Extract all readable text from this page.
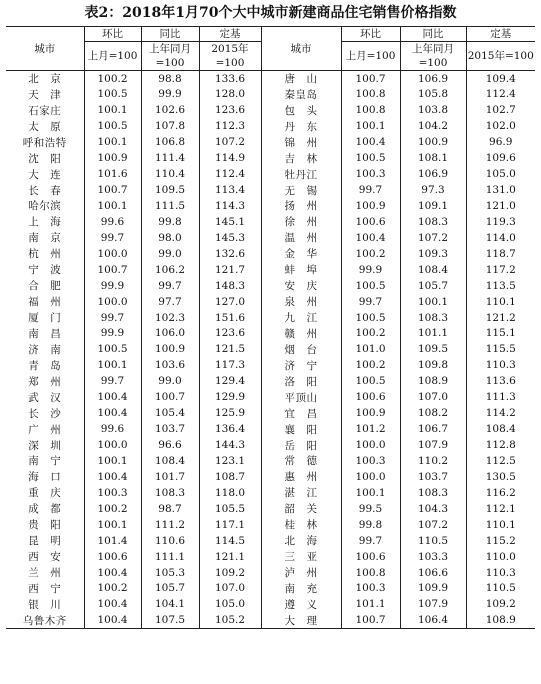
表2：2018年1月70个大中城市新建商品住宅销售价格指数
城市	环比	同比	定基	城市	环比	同比	定基
	上月=100	上年同月=100	2015年=100		上月=100	上年同月=100	2015年=100
北　京	100.2	98.8	133.6	唐　山	100.7	106.9	109.4
天　津	100.5	99.9	128.0	秦皇岛	100.8	105.8	112.4
石家庄	100.1	102.6	123.6	包　头	100.8	103.8	102.7
太　原	100.5	107.8	112.3	丹　东	100.1	104.2	102.0
呼和浩特	100.1	106.8	107.2	锦　州	100.4	100.9	96.9
沈　阳	100.9	111.4	114.9	吉　林	100.5	108.1	109.6
大　连	101.6	110.4	112.4	牡丹江	100.3	106.9	105.0
长　春	100.7	109.5	113.4	无　锡	99.7	97.3	131.0
哈尔滨	100.1	111.5	114.3	扬　州	100.9	109.1	121.0
上　海	99.6	99.8	145.1	徐　州	100.6	108.3	119.3
南　京	99.7	98.0	145.3	温　州	100.4	107.2	114.0
杭　州	100.0	99.0	132.6	金　华	100.2	109.3	118.7
宁　波	100.7	106.2	121.7	蚌　埠	99.9	108.4	117.2
合　肥	99.9	99.7	148.3	安　庆	100.5	105.7	113.5
福　州	100.0	97.7	127.0	泉　州	99.7	100.1	110.1
厦　门	99.7	102.3	151.6	九　江	100.5	108.3	121.2
南　昌	99.9	106.0	123.6	赣　州	100.2	101.1	115.1
济　南	100.5	100.9	121.5	烟　台	101.0	109.5	115.5
青　岛	100.1	103.6	117.3	济　宁	100.2	109.8	110.3
郑　州	99.7	99.0	129.4	洛　阳	100.5	108.9	113.6
武　汉	100.4	100.7	129.9	平顶山	100.6	107.0	111.3
长　沙	100.4	105.4	125.9	宜　昌	100.9	108.2	114.2
广　州	99.6	103.7	136.4	襄　阳	101.2	106.7	108.4
深　圳	100.0	96.6	144.3	岳　阳	100.0	107.9	112.8
南　宁	100.1	108.4	123.1	常　德	100.3	110.2	112.5
海　口	100.4	101.7	108.7	惠　州	100.0	103.7	130.5
重　庆	100.3	108.3	118.0	湛　江	100.1	108.3	116.2
成　都	100.2	98.7	105.5	韶　关	99.5	104.3	112.1
贵　阳	100.1	111.2	117.1	桂　林	99.8	107.2	110.1
昆　明	101.4	110.6	114.5	北　海	99.7	110.5	115.2
西　安	100.6	111.1	121.1	三　亚	100.6	103.3	110.0
兰　州	100.4	105.3	109.2	泸　州	100.8	106.6	110.3
西　宁	100.2	105.7	107.0	南　充	100.3	109.9	110.5
银　川	100.4	104.1	105.0	遵　义	101.1	107.9	109.2
乌鲁木齐	100.4	107.5	105.2	大　理	100.7	106.4	108.9
